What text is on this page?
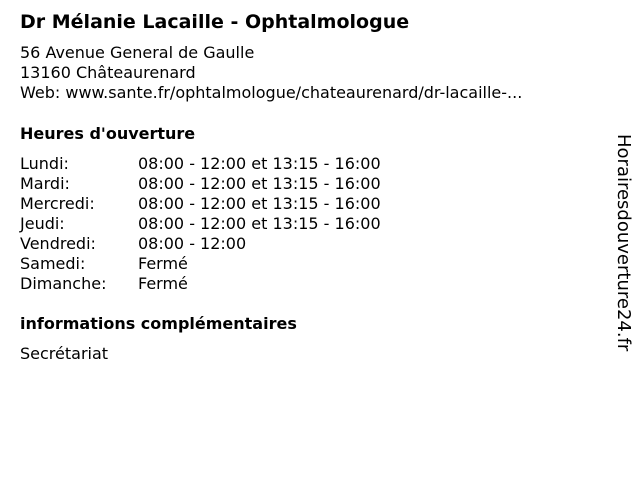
Dr Mélanie Lacaille - Ophtalmologue
56 Avenue General de Gaulle
13160 Châteaurenard
Web: www.sante.fr/ophtalmologue/chateaurenard/dr-lacaille-...
Heures d'ouverture
Lundi:	08:00 - 12:00 et 13:15 - 16:00
Mardi:	08:00 - 12:00 et 13:15 - 16:00
Mercredi:	08:00 - 12:00 et 13:15 - 16:00
Jeudi:	08:00 - 12:00 et 13:15 - 16:00
Vendredi:	08:00 - 12:00
Samedi:	Fermé
Dimanche:	Fermé
informations complémentaires
Secrétariat
Horairesdouverture24.fr
